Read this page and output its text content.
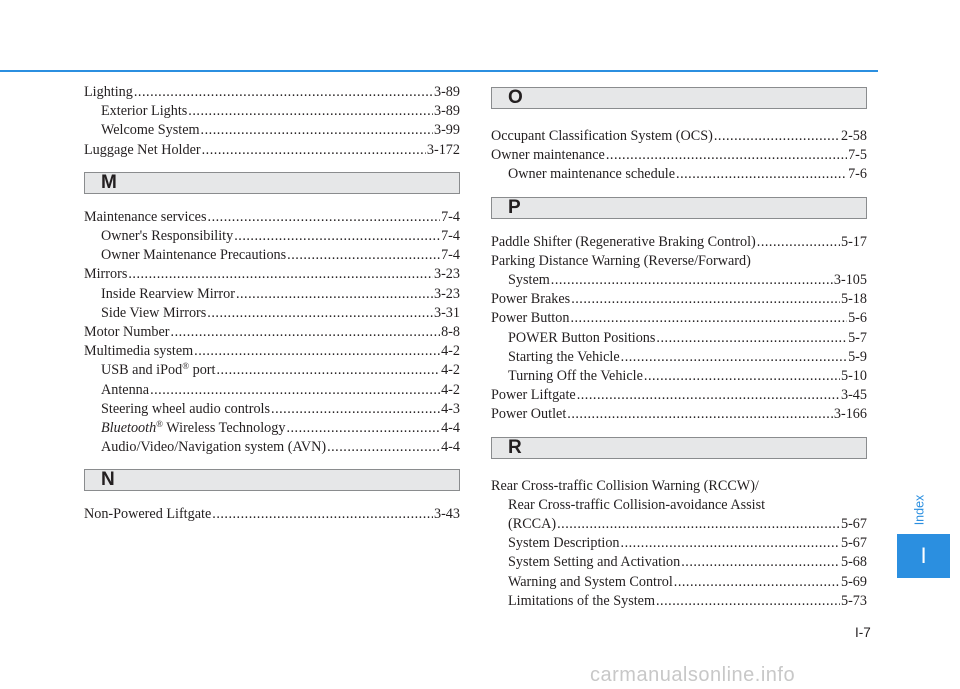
Lighting .....	3-89
Exterior Lights .....	3-89
Welcome System .....	3-99
Luggage Net Holder .....	3-172
M
Maintenance services .....	7-4
Owner's Responsibility .....	7-4
Owner Maintenance Precautions .....	7-4
Mirrors .....	3-23
Inside Rearview Mirror .....	3-23
Side View Mirrors .....	3-31
Motor Number .....	8-8
Multimedia system .....	4-2
USB and iPod® port .....	4-2
Antenna .....	4-2
Steering wheel audio controls .....	4-3
Bluetooth® Wireless Technology .....	4-4
Audio/Video/Navigation system (AVN) .....	4-4
N
Non-Powered Liftgate .....	3-43
O
Occupant Classification System (OCS) .....	2-58
Owner maintenance .....	7-5
Owner maintenance schedule .....	7-6
P
Paddle Shifter (Regenerative Braking Control) .....	5-17
Parking Distance Warning (Reverse/Forward)
System .....	3-105
Power Brakes .....	5-18
Power Button .....	5-6
POWER Button Positions .....	5-7
Starting the Vehicle .....	5-9
Turning Off the Vehicle .....	5-10
Power Liftgate .....	3-45
Power Outlet .....	3-166
R
Rear Cross-traffic Collision Warning (RCCW)/
Rear Cross-traffic Collision-avoidance Assist
(RCCA) .....	5-67
System Description .....	5-67
System Setting and Activation .....	5-68
Warning and System Control .....	5-69
Limitations of the System .....	5-73
Index
I
I-7
carmanualsonline.info
